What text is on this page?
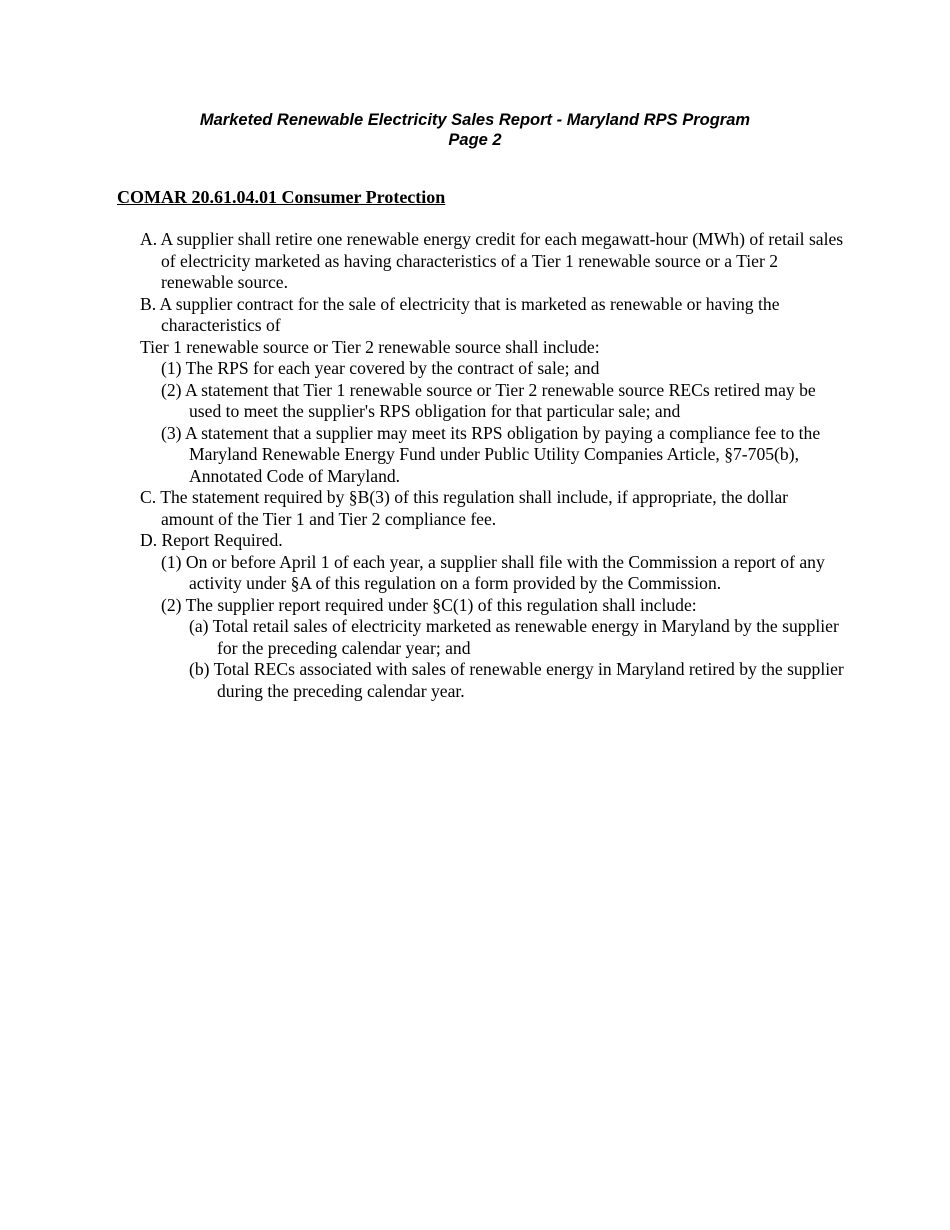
Marketed Renewable Electricity Sales Report - Maryland RPS Program
Page 2
COMAR 20.61.04.01 Consumer Protection
A. A supplier shall retire one renewable energy credit for each megawatt-hour (MWh) of retail sales of electricity marketed as having characteristics of a Tier 1 renewable source or a Tier 2 renewable source.
B. A supplier contract for the sale of electricity that is marketed as renewable or having the characteristics of
Tier 1 renewable source or Tier 2 renewable source shall include:
(1) The RPS for each year covered by the contract of sale; and
(2) A statement that Tier 1 renewable source or Tier 2 renewable source RECs retired may be used to meet the supplier's RPS obligation for that particular sale; and
(3) A statement that a supplier may meet its RPS obligation by paying a compliance fee to the Maryland Renewable Energy Fund under Public Utility Companies Article, §7-705(b), Annotated Code of Maryland.
C. The statement required by §B(3) of this regulation shall include, if appropriate, the dollar amount of the Tier 1 and Tier 2 compliance fee.
D. Report Required.
(1) On or before April 1 of each year, a supplier shall file with the Commission a report of any activity under §A of this regulation on a form provided by the Commission.
(2) The supplier report required under §C(1) of this regulation shall include:
(a) Total retail sales of electricity marketed as renewable energy in Maryland by the supplier for the preceding calendar year; and
(b) Total RECs associated with sales of renewable energy in Maryland retired by the supplier during the preceding calendar year.
